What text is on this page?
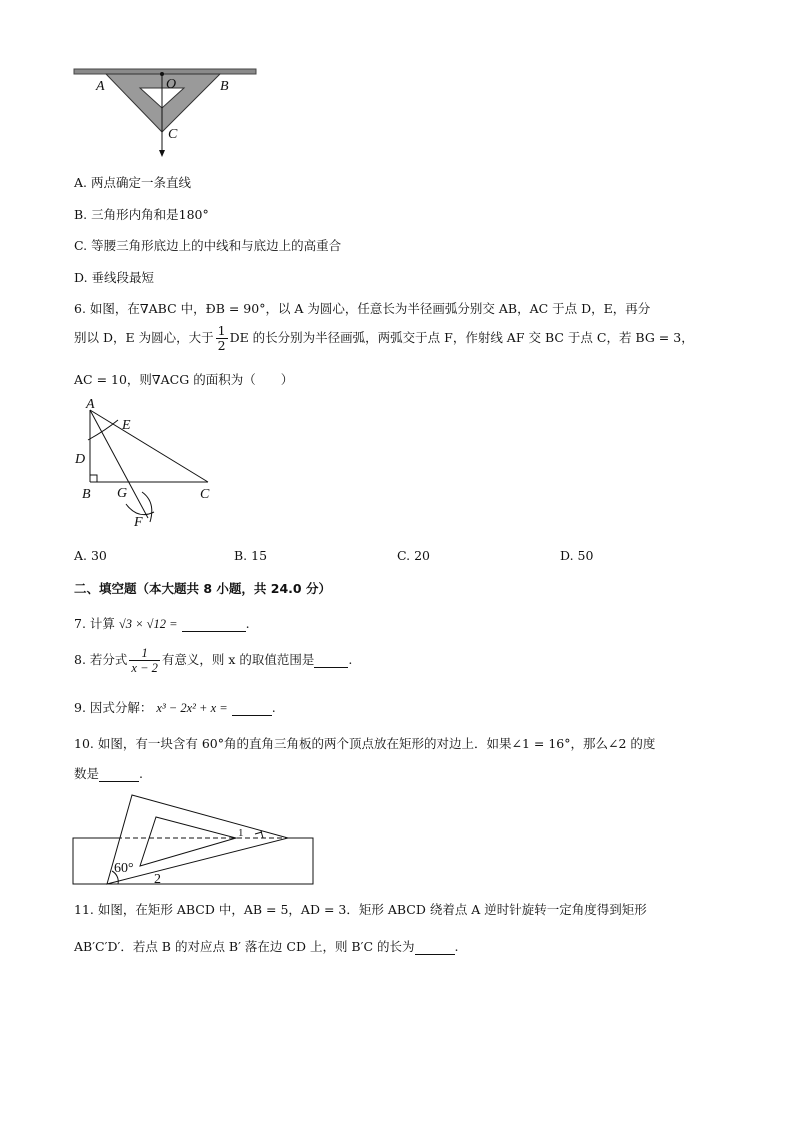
A	O	B
C
A. 两点确定一条直线
B. 三角形内角和是180°
C. 等腰三角形底边上的中线和与底边上的高重合
D. 垂线段最短
6. 如图，在∇ABC 中，ÐB = 90°，以 A 为圆心，任意长为半径画弧分别交 AB，AC 于点 D，E，再分
别以 D，E 为圆心，大于 $\frac{1}{2}$ DE 的长分别为半径画弧，两弧交于点 F，作射线 AF 交 BC 于点 C，若 BG = 3，
AC = 10，则∇ACG 的面积为（　　）
A
E
D
B G	C
F
A. 30	B. 15	C. 20	D. 50
二、填空题（本大题共 8 小题，共 24.0 分）
7. 计算 √3 × √12 =	.
8. 若分式 $\frac{1}{x - 2}$ 有意义，则 x 的取值范围是	.
9. 因式分解： x³ − 2x² + x =	.
10. 如图，有一块含有 60°角的直角三角板的两个顶点放在矩形的对边上．如果∠1 = 16°，那么∠2 的度
数是	.
60°
1
2
11. 如图，在矩形 ABCD 中，AB = 5，AD = 3．矩形 ABCD 绕着点 A 逆时针旋转一定角度得到矩形
AB′C′D′．若点 B 的对应点 B′ 落在边 CD 上，则 B′C 的长为	.
